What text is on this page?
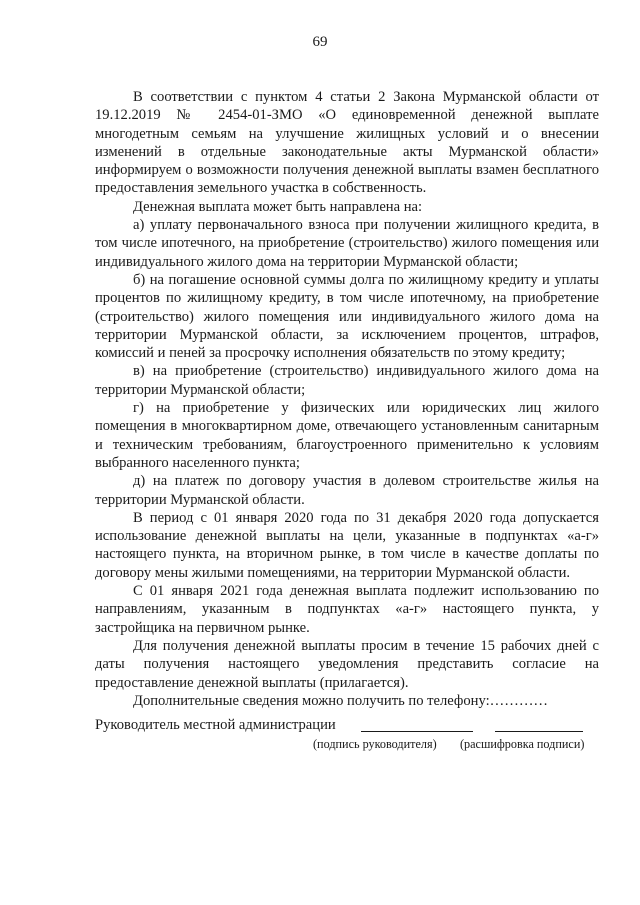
69

В соответствии с пунктом 4 статьи 2 Закона Мурманской области от 19.12.2019 № 2454-01-ЗМО «О единовременной денежной выплате многодетным семьям на улучшение жилищных условий и о внесении изменений в отдельные законодательные акты Мурманской области» информируем о возможности получения денежной выплаты взамен бесплатного предоставления земельного участка в собственность.

Денежная выплата может быть направлена на:

а) уплату первоначального взноса при получении жилищного кредита, в том числе ипотечного, на приобретение (строительство) жилого помещения или индивидуального жилого дома на территории Мурманской области;

б) на погашение основной суммы долга по жилищному кредиту и уплаты процентов по жилищному кредиту, в том числе ипотечному, на приобретение (строительство) жилого помещения или индивидуального жилого дома на территории Мурманской области, за исключением процентов, штрафов, комиссий и пеней за просрочку исполнения обязательств по этому кредиту;

в) на приобретение (строительство) индивидуального жилого дома на территории Мурманской области;

г) на приобретение у физических или юридических лиц жилого помещения в многоквартирном доме, отвечающего установленным санитарным и техническим требованиям, благоустроенного применительно к условиям выбранного населенного пункта;

д) на платеж по договору участия в долевом строительстве жилья на территории Мурманской области.

В период с 01 января 2020 года по 31 декабря 2020 года допускается использование денежной выплаты на цели, указанные в подпунктах «а-г» настоящего пункта, на вторичном рынке, в том числе в качестве доплаты по договору мены жилыми помещениями, на территории Мурманской области.

С 01 января 2021 года денежная выплата подлежит использованию по направлениям, указанным в подпунктах «а-г» настоящего пункта, у застройщика на первичном рынке.

Для получения денежной выплаты просим в течение 15 рабочих дней с даты получения настоящего уведомления представить согласие на предоставление денежной выплаты (прилагается).

Дополнительные сведения можно получить по телефону:…………

Руководитель местной администрации
(подпись руководителя) (расшифровка подписи)
